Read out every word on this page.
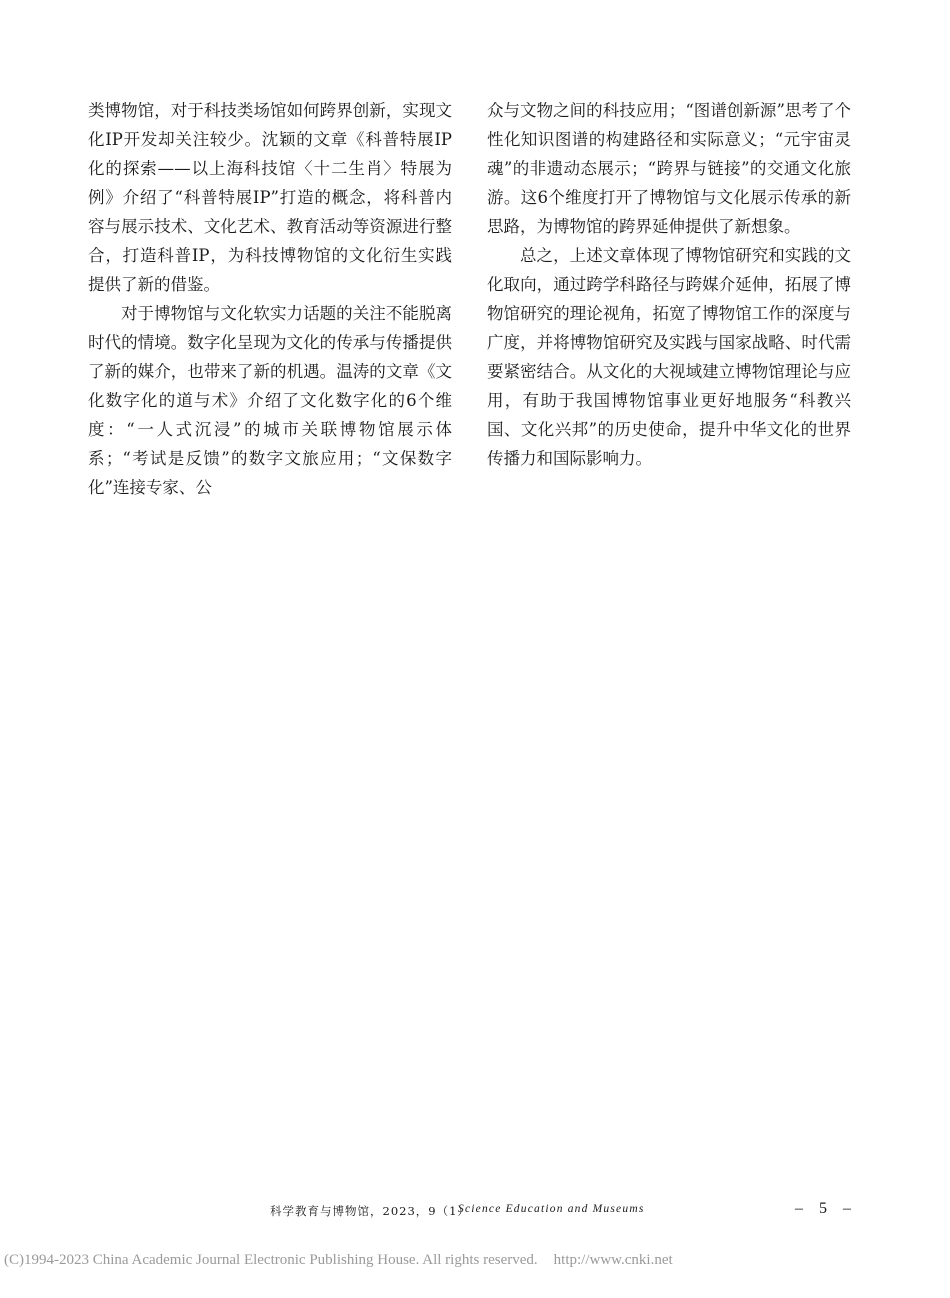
类博物馆，对于科技类场馆如何跨界创新，实现文化IP开发却关注较少。沈颖的文章《科普特展IP化的探索——以上海科技馆〈十二生肖〉特展为例》介绍了“科普特展IP”打造的概念，将科普内容与展示技术、文化艺术、教育活动等资源进行整合，打造科普IP，为科技博物馆的文化衍生实践提供了新的借鉴。

对于博物馆与文化软实力话题的关注不能脱离时代的情境。数字化呈现为文化的传承与传播提供了新的媒介，也带来了新的机遇。温涛的文章《文化数字化的道与术》介绍了文化数字化的6个维度：“一人式沉浸”的城市关联博物馆展示体系；“考试是反馈”的数字文旅应用；“文保数字化”连接专家、公

众与文物之间的科技应用；“图谱创新源”思考了个性化知识图谱的构建路径和实际意义；“元宇宙灵魂”的非遗动态展示；“跨界与链接”的交通文化旅游。这6个维度打开了博物馆与文化展示传承的新思路，为博物馆的跨界延伸提供了新想象。

总之，上述文章体现了博物馆研究和实践的文化取向，通过跨学科路径与跨媒介延伸，拓展了博物馆研究的理论视角，拓宽了博物馆工作的深度与广度，并将博物馆研究及实践与国家战略、时代需要紧密结合。从文化的大视域建立博物馆理论与应用，有助于我国博物馆事业更好地服务“科教兴国、文化兴邦”的历史使命，提升中华文化的世界传播力和国际影响力。

科学教育与博物馆，2023，9（1）
Science Education and Museums	– 5 –
(C)1994-2023 China Academic Journal Electronic Publishing House. All rights reserved. http://www.cnki.net
